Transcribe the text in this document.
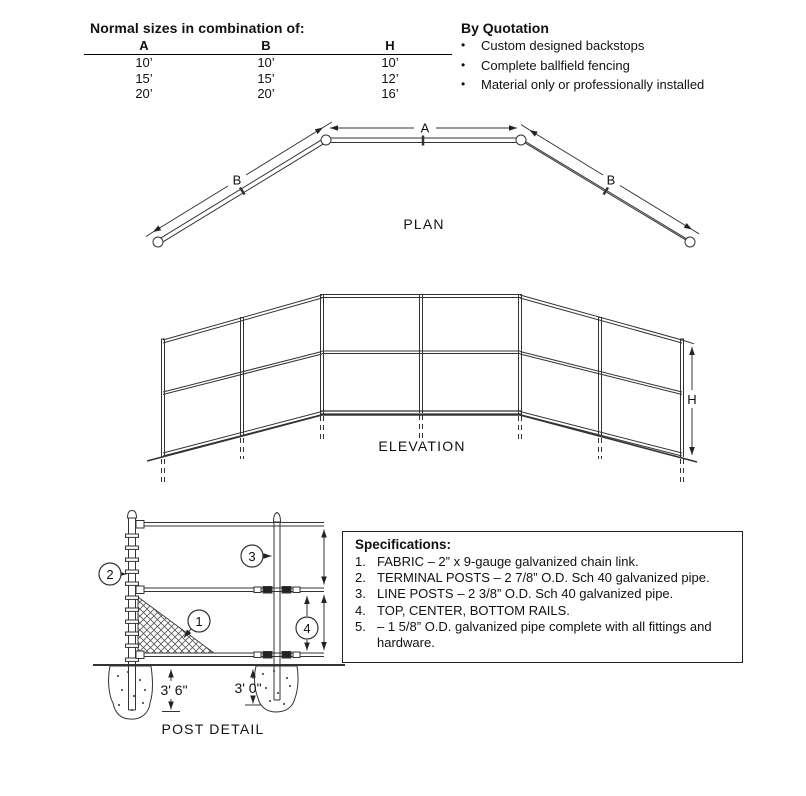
A
B	B
PLAN
H
ELEVATION
1
2
3
4
3' 6"	3' 0"
POST DETAIL
Normal sizes in combination of:
A	B	H
10’	10’	10’
15’	15’	12’
20’	20’	16’
By Quotation
•	Custom designed backstops
•	Complete ballfield fencing
•	Material only or professionally installed
Specifications:
1. FABRIC – 2” x 9-gauge galvanized chain link.
2. TERMINAL POSTS – 2 7/8” O.D. Sch 40 galvanized pipe.
3. LINE POSTS – 2 3/8” O.D. Sch 40 galvanized pipe.
4. TOP, CENTER, BOTTOM RAILS.
5. – 1 5/8” O.D. galvanized pipe complete with all fittings and hardware.
